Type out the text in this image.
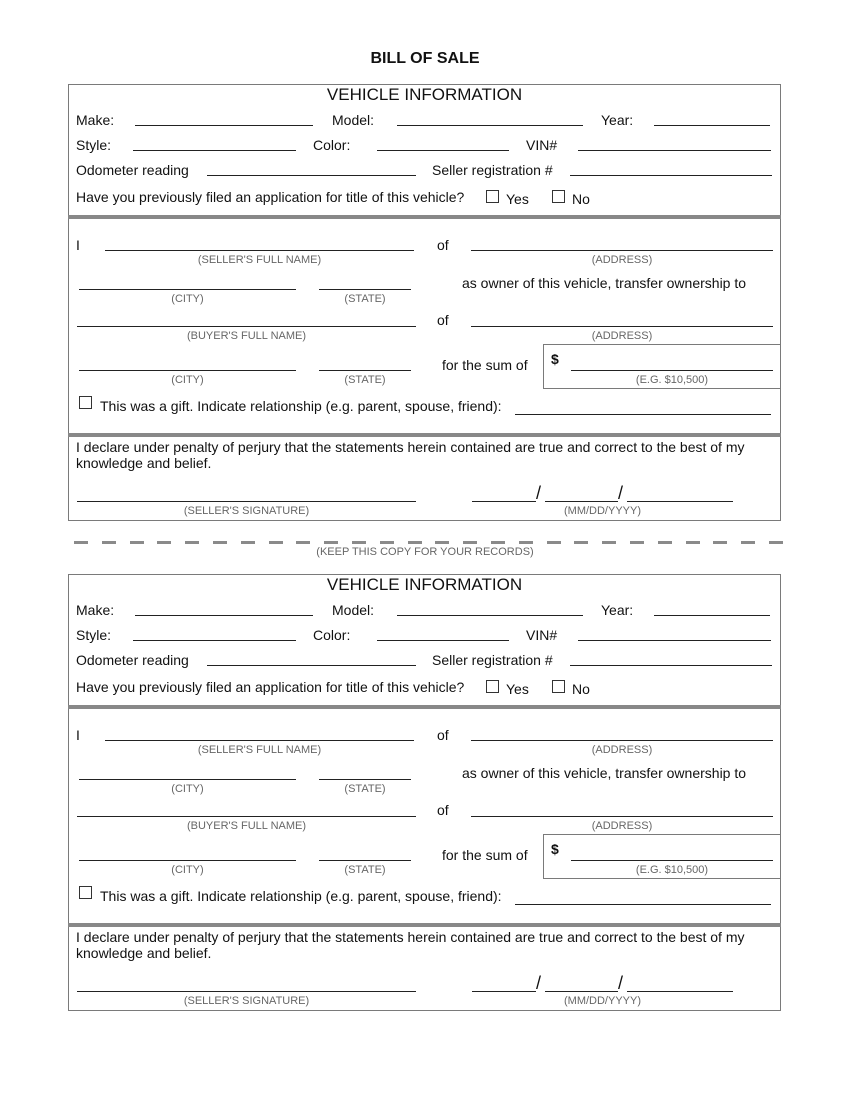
BILL OF SALE
VEHICLE INFORMATION
Make:	Model:	Year:
Style:	Color:	VIN#
Odometer reading	Seller registration #
Have you previously filed an application for title of this vehicle?	Yes	No
I
(SELLER'S FULL NAME)
of
(ADDRESS)
(CITY)	(STATE)
as owner of this vehicle, transfer ownership to
(BUYER'S FULL NAME)
of
(ADDRESS)
(CITY)	(STATE)
for the sum of $
(E.G. $10,500)
This was a gift. Indicate relationship (e.g. parent, spouse, friend):
I declare under penalty of perjury that the statements herein contained are true and correct to the best of my knowledge and belief.
(SELLER'S SIGNATURE)
/	/
(MM/DD/YYYY)
(KEEP THIS COPY FOR YOUR RECORDS)
VEHICLE INFORMATION
Make:	Model:	Year:
Style:	Color:	VIN#
Odometer reading	Seller registration #
Have you previously filed an application for title of this vehicle?	Yes	No
I
(SELLER'S FULL NAME)
of
(ADDRESS)
(CITY)	(STATE)
as owner of this vehicle, transfer ownership to
(BUYER'S FULL NAME)
of
(ADDRESS)
(CITY)	(STATE)
for the sum of $
(E.G. $10,500)
This was a gift. Indicate relationship (e.g. parent, spouse, friend):
I declare under penalty of perjury that the statements herein contained are true and correct to the best of my knowledge and belief.
(SELLER'S SIGNATURE)
/	/
(MM/DD/YYYY)
